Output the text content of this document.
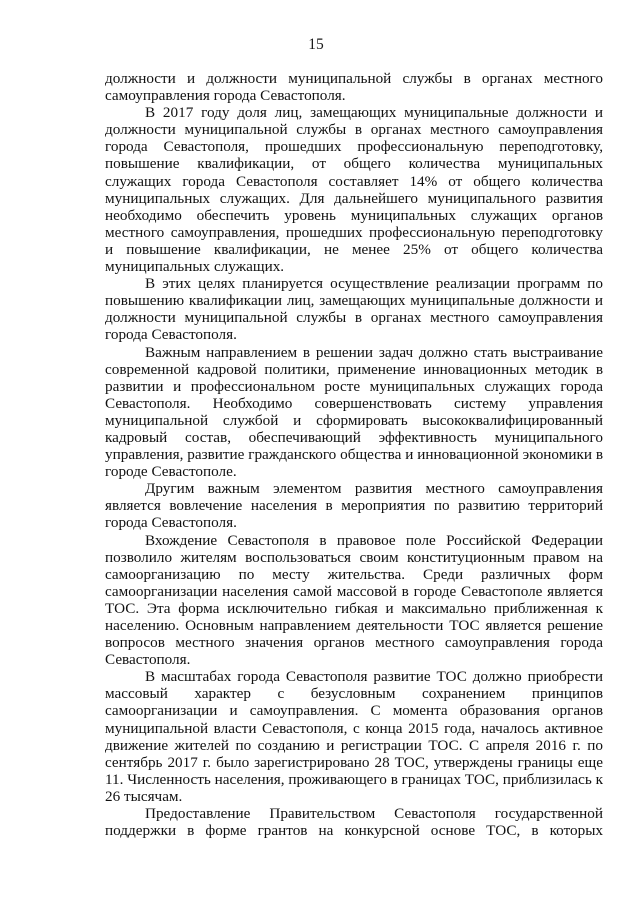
15

должности и должности муниципальной службы в органах местного самоуправления города Севастополя.

В 2017 году доля лиц, замещающих муниципальные должности и должности муниципальной службы в органах местного самоуправления города Севастополя, прошедших профессиональную переподготовку, повышение квалификации, от общего количества муниципальных служащих города Севастополя составляет 14% от общего количества муниципальных служащих. Для дальнейшего муниципального развития необходимо обеспечить уровень муниципальных служащих органов местного самоуправления, прошедших профессиональную переподготовку и повышение квалификации, не менее 25% от общего количества муниципальных служащих.

В этих целях планируется осуществление реализации программ по повышению квалификации лиц, замещающих муниципальные должности и должности муниципальной службы в органах местного самоуправления города Севастополя.

Важным направлением в решении задач должно стать выстраивание современной кадровой политики, применение инновационных методик в развитии и профессиональном росте муниципальных служащих города Севастополя. Необходимо совершенствовать систему управления муниципальной службой и сформировать высококвалифицированный кадровый состав, обеспечивающий эффективность муниципального управления, развитие гражданского общества и инновационной экономики в городе Севастополе.

Другим важным элементом развития местного самоуправления является вовлечение населения в мероприятия по развитию территорий города Севастополя.

Вхождение Севастополя в правовое поле Российской Федерации позволило жителям воспользоваться своим конституционным правом на самоорганизацию по месту жительства. Среди различных форм самоорганизации населения самой массовой в городе Севастополе является ТОС. Эта форма исключительно гибкая и максимально приближенная к населению. Основным направлением деятельности ТОС является решение вопросов местного значения органов местного самоуправления города Севастополя.

В масштабах города Севастополя развитие ТОС должно приобрести массовый характер с безусловным сохранением принципов самоорганизации и самоуправления. С момента образования органов муниципальной власти Севастополя, с конца 2015 года, началось активное движение жителей по созданию и регистрации ТОС. С апреля 2016 г. по сентябрь 2017 г. было зарегистрировано 28 ТОС, утверждены границы еще 11. Численность населения, проживающего в границах ТОС, приблизилась к 26 тысячам.

Предоставление Правительством Севастополя государственной поддержки в форме грантов на конкурсной основе ТОС, в которых
